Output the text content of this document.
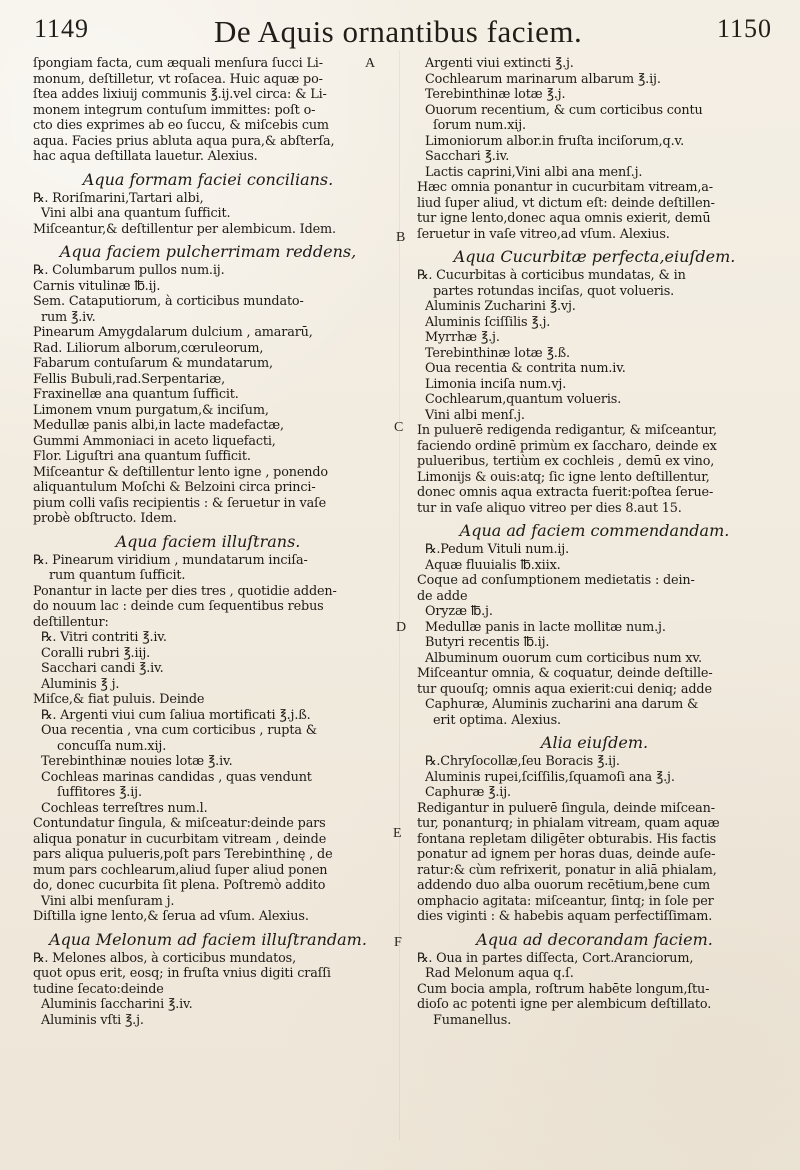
1149	De Aquis ornantibus faciem.	1150
A
B
C
D
E
F
ſpongiam facta, cum æquali menſura ſucci Li-
monum, deſtilletur, vt roſacea. Huic aquæ po-
ſtea addes lixiuij communis ℥.ij.vel circa: & Li-
monem integrum contuſum immittes: poſt o-
cto dies exprimes ab eo ſuccu, & miſcebis cum
aqua. Facies prius abluta aqua pura,& abſterſa,
hac aqua deſtillata lauetur. Alexius.
Aqua formam faciei concilians.
℞. Roriſmarini,Tartari albi,
Vini albi ana quantum ſufficit.
Miſceantur,& deſtillentur per alembicum. Idem.
Aqua faciem pulcherrimam reddens,
℞. Columbarum pullos num.ij.
Carnis vitulinæ ℔.ij.
Sem. Cataputiorum, à corticibus mundato-
rum ℥.iv.
Pinearum Amygdalarum dulcium , amararū,
Rad. Liliorum alborum,cœruleorum,
Fabarum contuſarum & mundatarum,
Fellis Bubuli,rad.Serpentariæ,
Fraxinellæ ana quantum ſufficit.
Limonem vnum purgatum,& inciſum,
Medullæ panis albi,in lacte madefactæ,
Gummi Ammoniaci in aceto liquefacti,
Flor. Liguſtri ana quantum ſufficit.
Miſceantur & deſtillentur lento igne , ponendo
aliquantulum Moſchi & Belzoini circa princi-
pium colli vaſis recipientis : & ſeruetur in vaſe
probè obſtructo. Idem.
Aqua faciem illuſtrans.
℞. Pinearum viridium , mundatarum inciſa-
rum quantum ſufficit.
Ponantur in lacte per dies tres , quotidie adden-
do nouum lac : deinde cum ſequentibus rebus
deſtillentur:
℞. Vitri contriti ℥.iv.
Coralli rubri ℥.iij.
Sacchari candi ℥.iv.
Aluminis ℥ j.
Miſce,& fiat puluis. Deinde
℞. Argenti viui cum ſaliua mortificati ℥.j.ß.
Oua recentia , vna cum corticibus , rupta &
concuſſa num.xij.
Terebinthinæ nouies lotæ ℥.iv.
Cochleas marinas candidas , quas vendunt
ſuffitores ℥.ij.
Cochleas terreſtres num.l.
Contundatur ſingula, & miſceatur:deinde pars
aliqua ponatur in cucurbitam vitream , deinde
pars aliqua pulueris,poſt pars Terebinthinę , de
mum pars cochlearum,aliud ſuper aliud ponen
do, donec cucurbita ſit plena. Poſtremò addito
Vini albi menſuram j.
Diſtilla igne lento,& ſerua ad vſum. Alexius.
Aqua Melonum ad faciem illuſtrandam.
℞. Melones albos, à corticibus mundatos,
quot opus erit, eosq; in fruſta vnius digiti craſſi
tudine ſecato:deinde
Aluminis ſaccharini ℥.iv.
Aluminis vſti ℥.j.
Argenti viui extincti ℥.j.
Cochlearum marinarum albarum ℥.ij.
Terebinthinæ lotæ ℥.j.
Ouorum recentium, & cum corticibus contu
ſorum num.xij.
Limoniorum albor.in fruſta inciſorum,q.v.
Sacchari ℥.iv.
Lactis caprini,Vini albi ana menſ.j.
Hæc omnia ponantur in cucurbitam vitream,a-
liud ſuper aliud, vt dictum eſt: deinde deſtillen-
tur igne lento,donec aqua omnis exierit, demū
ſeruetur in vaſe vitreo,ad vſum. Alexius.
Aqua Cucurbitæ perfecta,eiuſdem.
℞. Cucurbitas à corticibus mundatas, & in
partes rotundas inciſas, quot volueris.
Aluminis Zucharini ℥.vj.
Aluminis ſciſſilis ℥.j.
Myrrhæ ℥.j.
Terebinthinæ lotæ ℥.ß.
Oua recentia & contrita num.iv.
Limonia inciſa num.vj.
Cochlearum,quantum volueris.
Vini albi menſ.j.
In puluerē redigenda redigantur, & miſceantur,
faciendo ordinē primùm ex ſaccharo, deinde ex
pulueribus, tertiùm ex cochleis , demū ex vino,
Limonijs & ouis:atq; ſic igne lento deſtillentur,
donec omnis aqua extracta fuerit:poſtea ſerue-
tur in vaſe aliquo vitreo per dies 8.aut 15.
Aqua ad faciem commendandam.
℞.Pedum Vituli num.ij.
Aquæ fluuialis ℔.xiix.
Coque ad conſumptionem medietatis : dein-
de adde
Oryzæ ℔.j.
Medullæ panis in lacte mollitæ num.j.
Butyri recentis ℔.ij.
Albuminum ouorum cum corticibus num xv.
Miſceantur omnia, & coquatur, deinde deſtille-
tur quouſq; omnis aqua exierit:cui deniq; adde
Caphuræ, Aluminis zucharini ana darum &
erit optima. Alexius.
Alia eiuſdem.
℞.Chryſocollæ,ſeu Boracis ℥.ij.
Aluminis rupei,ſciſſilis,ſquamoſi ana ℥.j.
Caphuræ ℥.ij.
Redigantur in puluerē ſingula, deinde miſcean-
tur, ponanturq; in phialam vitream, quam aquæ
fontana repletam diligēter obturabis. His factis
ponatur ad ignem per horas duas, deinde auſe-
ratur:& cùm refrixerit, ponatur in aliā phialam,
addendo duo alba ouorum recētium,bene cum
omphacio agitata: miſceantur, ſintq; in ſole per
dies viginti : & habebis aquam perfectiſſimam.
Aqua ad decorandam faciem.
℞. Oua in partes diſſecta, Cort.Aranciorum,
Rad Melonum aqua q.ſ.
Cum bocia ampla, roſtrum habēte longum,ſtu-
dioſo ac potenti igne per alembicum deſtillato.
Fumanellus.
